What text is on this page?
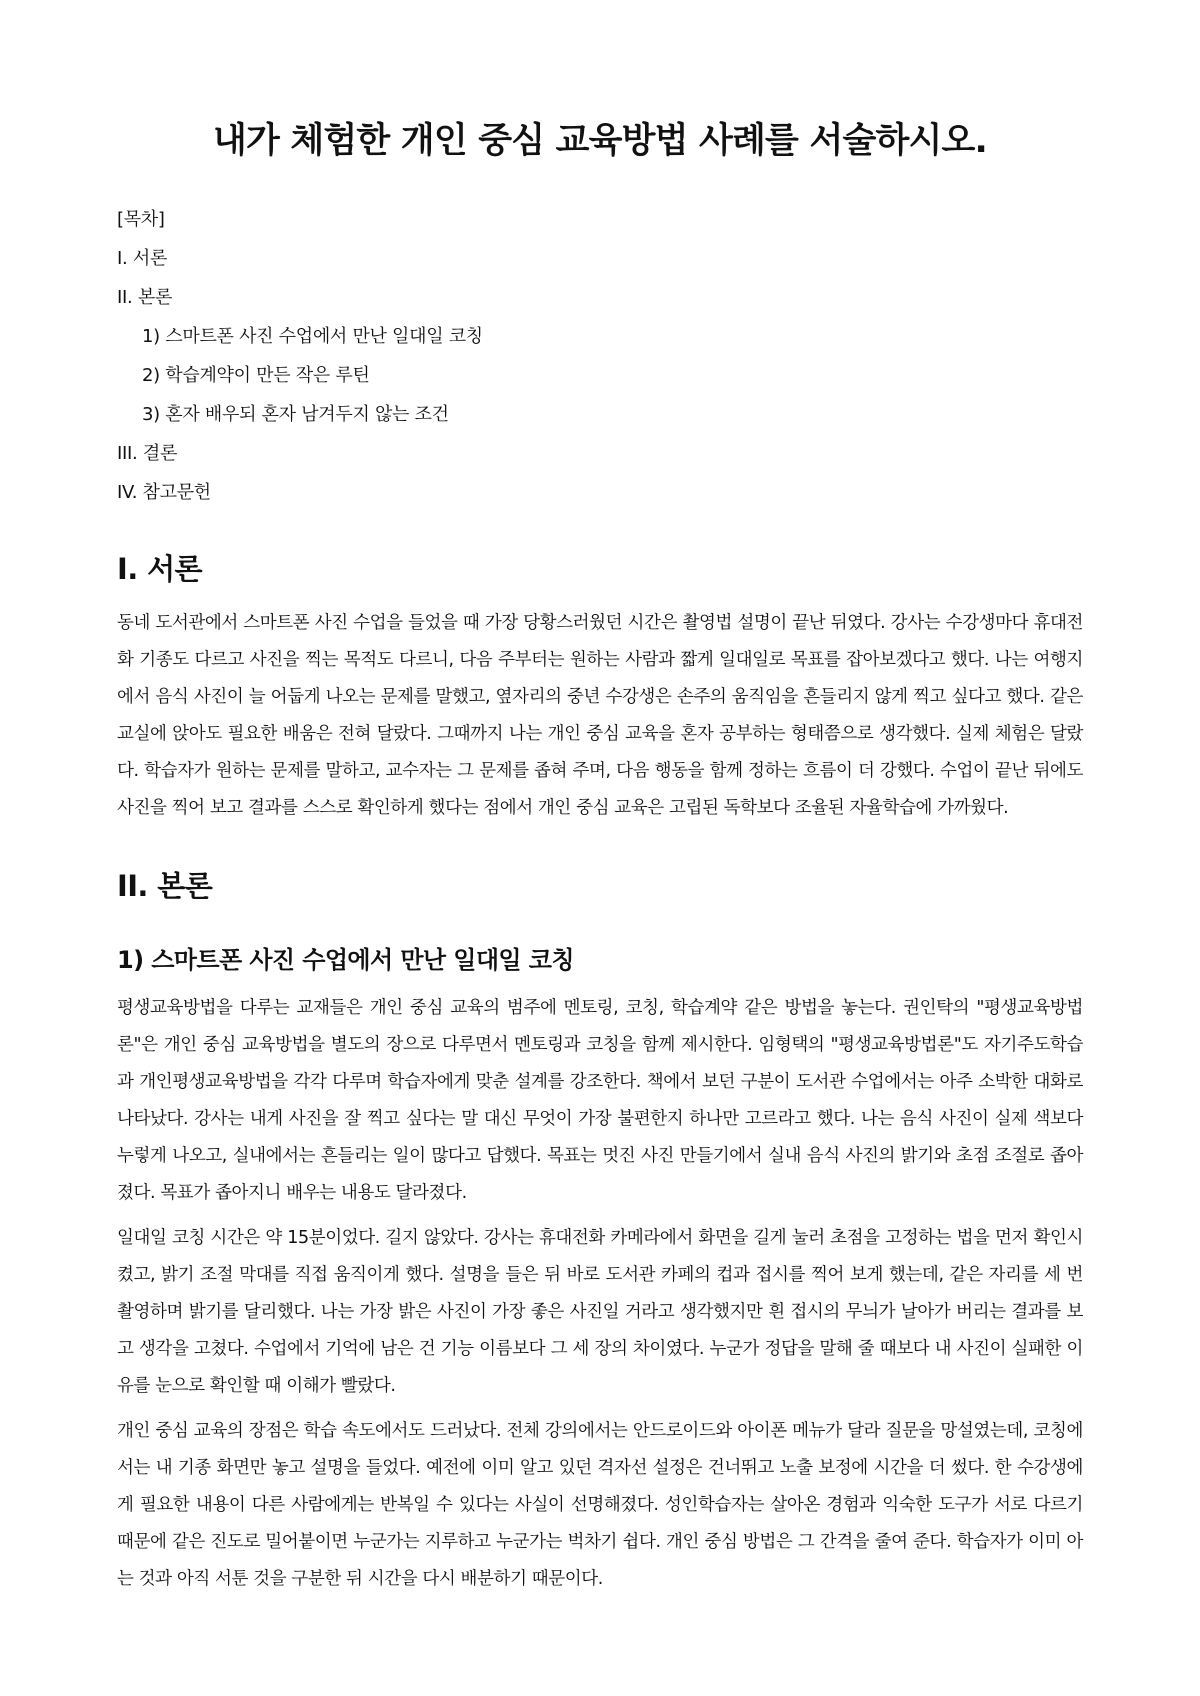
내가 체험한 개인 중심 교육방법 사례를 서술하시오.
[목차]
I. 서론
II. 본론
1) 스마트폰 사진 수업에서 만난 일대일 코칭
2) 학습계약이 만든 작은 루틴
3) 혼자 배우되 혼자 남겨두지 않는 조건
III. 결론
IV. 참고문헌
I. 서론

동네 도서관에서 스마트폰 사진 수업을 들었을 때 가장 당황스러웠던 시간은 촬영법 설명이 끝난 뒤였다. 강사는 수강생마다 휴대전화 기종도 다르고 사진을 찍는 목적도 다르니, 다음 주부터는 원하는 사람과 짧게 일대일로 목표를 잡아보겠다고 했다. 나는 여행지에서 음식 사진이 늘 어둡게 나오는 문제를 말했고, 옆자리의 중년 수강생은 손주의 움직임을 흔들리지 않게 찍고 싶다고 했다. 같은 교실에 앉아도 필요한 배움은 전혀 달랐다. 그때까지 나는 개인 중심 교육을 혼자 공부하는 형태쯤으로 생각했다. 실제 체험은 달랐다. 학습자가 원하는 문제를 말하고, 교수자는 그 문제를 좁혀 주며, 다음 행동을 함께 정하는 흐름이 더 강했다. 수업이 끝난 뒤에도 사진을 찍어 보고 결과를 스스로 확인하게 했다는 점에서 개인 중심 교육은 고립된 독학보다 조율된 자율학습에 가까웠다.

II. 본론
1) 스마트폰 사진 수업에서 만난 일대일 코칭

평생교육방법을 다루는 교재들은 개인 중심 교육의 범주에 멘토링, 코칭, 학습계약 같은 방법을 놓는다. 권인탁의 "평생교육방법론"은 개인 중심 교육방법을 별도의 장으로 다루면서 멘토링과 코칭을 함께 제시한다. 임형택의 "평생교육방법론"도 자기주도학습과 개인평생교육방법을 각각 다루며 학습자에게 맞춘 설계를 강조한다. 책에서 보던 구분이 도서관 수업에서는 아주 소박한 대화로 나타났다. 강사는 내게 사진을 잘 찍고 싶다는 말 대신 무엇이 가장 불편한지 하나만 고르라고 했다. 나는 음식 사진이 실제 색보다 누렇게 나오고, 실내에서는 흔들리는 일이 많다고 답했다. 목표는 멋진 사진 만들기에서 실내 음식 사진의 밝기와 초점 조절로 좁아졌다. 목표가 좁아지니 배우는 내용도 달라졌다.

일대일 코칭 시간은 약 15분이었다. 길지 않았다. 강사는 휴대전화 카메라에서 화면을 길게 눌러 초점을 고정하는 법을 먼저 확인시켰고, 밝기 조절 막대를 직접 움직이게 했다. 설명을 들은 뒤 바로 도서관 카페의 컵과 접시를 찍어 보게 했는데, 같은 자리를 세 번 촬영하며 밝기를 달리했다. 나는 가장 밝은 사진이 가장 좋은 사진일 거라고 생각했지만 흰 접시의 무늬가 날아가 버리는 결과를 보고 생각을 고쳤다. 수업에서 기억에 남은 건 기능 이름보다 그 세 장의 차이였다. 누군가 정답을 말해 줄 때보다 내 사진이 실패한 이유를 눈으로 확인할 때 이해가 빨랐다.

개인 중심 교육의 장점은 학습 속도에서도 드러났다. 전체 강의에서는 안드로이드와 아이폰 메뉴가 달라 질문을 망설였는데, 코칭에서는 내 기종 화면만 놓고 설명을 들었다. 예전에 이미 알고 있던 격자선 설정은 건너뛰고 노출 보정에 시간을 더 썼다. 한 수강생에게 필요한 내용이 다른 사람에게는 반복일 수 있다는 사실이 선명해졌다. 성인학습자는 살아온 경험과 익숙한 도구가 서로 다르기 때문에 같은 진도로 밀어붙이면 누군가는 지루하고 누군가는 벅차기 쉽다. 개인 중심 방법은 그 간격을 줄여 준다. 학습자가 이미 아는 것과 아직 서툰 것을 구분한 뒤 시간을 다시 배분하기 때문이다.
